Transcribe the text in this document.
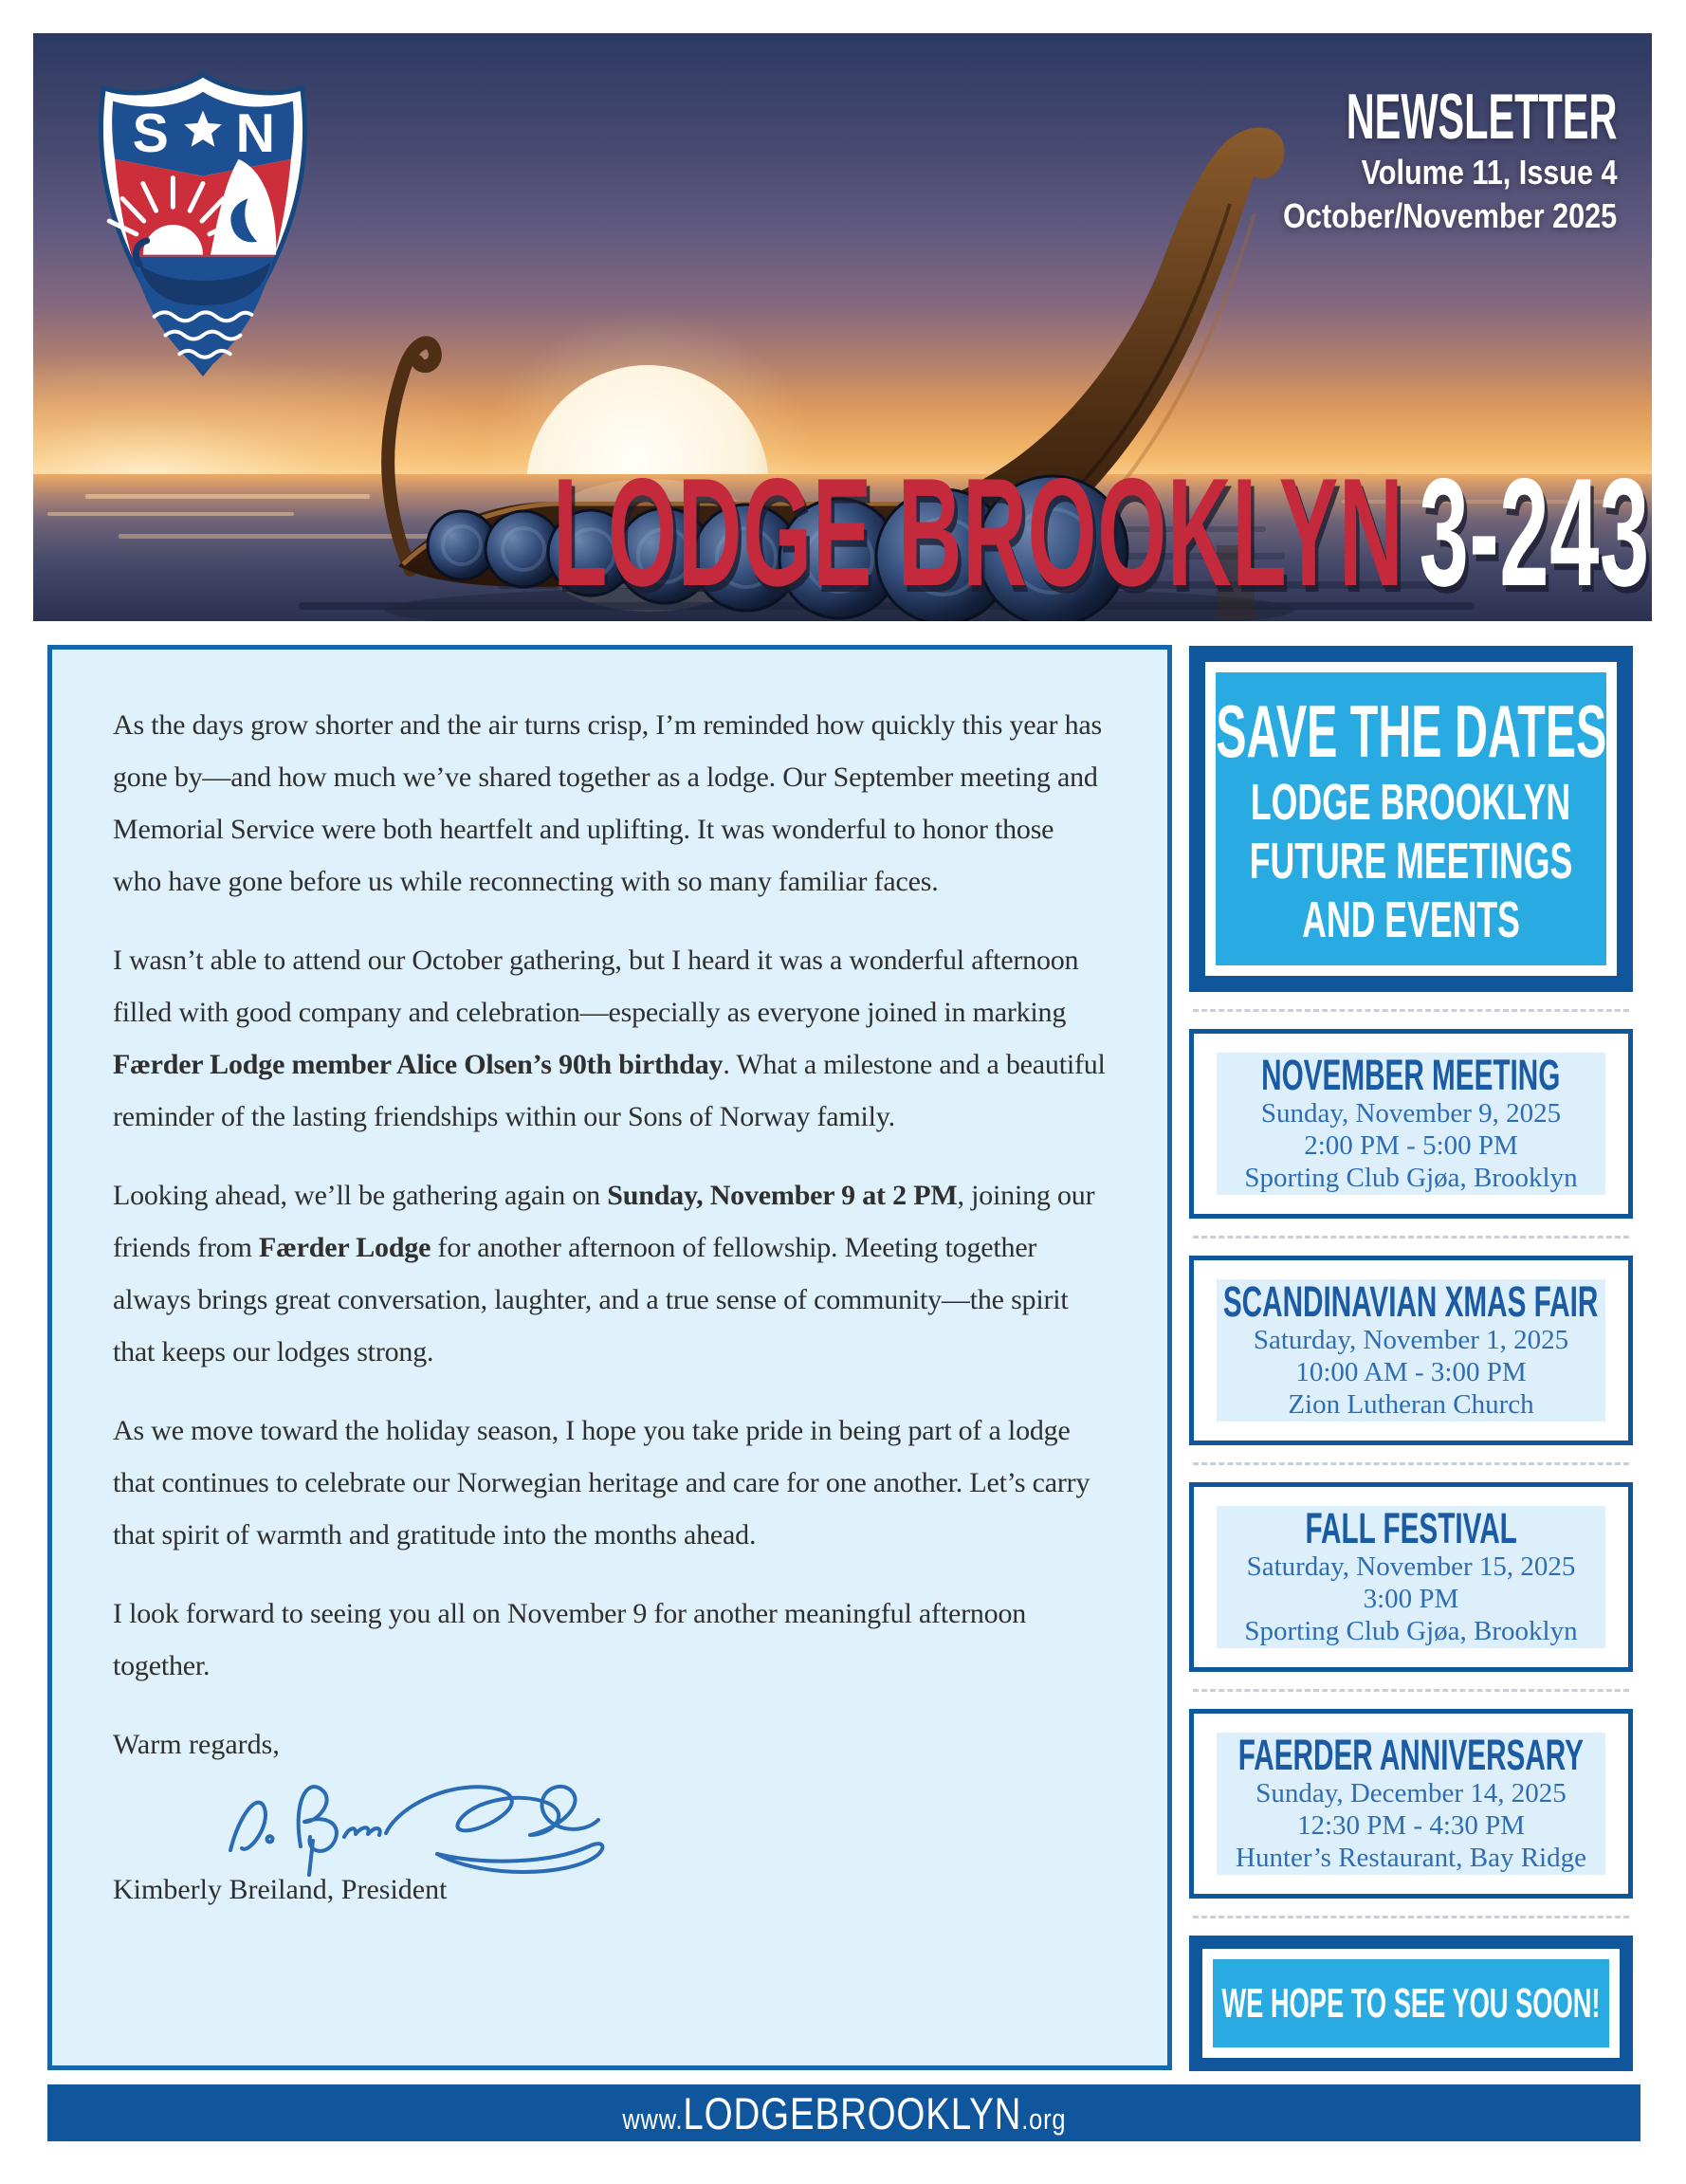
S N	NEWSLETTER
Volume 11, Issue 4
October/November 2025
LODGE BROOKLYN 3-243

As the days grow shorter and the air turns crisp, I’m reminded how quickly this year has gone by—and how much we’ve shared together as a lodge. Our September meeting and Memorial Service were both heartfelt and uplifting. It was wonderful to honor those who have gone before us while reconnecting with so many familiar faces.

I wasn’t able to attend our October gathering, but I heard it was a wonderful afternoon filled with good company and celebration—especially as everyone joined in marking Færder Lodge member Alice Olsen’s 90th birthday. What a milestone and a beautiful reminder of the lasting friendships within our Sons of Norway family.

Looking ahead, we’ll be gathering again on Sunday, November 9 at 2 PM, joining our friends from Færder Lodge for another afternoon of fellowship. Meeting together always brings great conversation, laughter, and a true sense of community—the spirit that keeps our lodges strong.

As we move toward the holiday season, I hope you take pride in being part of a lodge that continues to celebrate our Norwegian heritage and care for one another. Let’s carry that spirit of warmth and gratitude into the months ahead.

I look forward to seeing you all on November 9 for another meaningful afternoon together.

Warm regards,

Kimberly Breiland, President

SAVE THE DATES
LODGE BROOKLYN
FUTURE MEETINGS
AND EVENTS
NOVEMBER MEETING
Sunday, November 9, 2025
2:00 PM - 5:00 PM
Sporting Club Gjøa, Brooklyn
SCANDINAVIAN XMAS FAIR
Saturday, November 1, 2025
10:00 AM - 3:00 PM
Zion Lutheran Church
FALL FESTIVAL
Saturday, November 15, 2025
3:00 PM
Sporting Club Gjøa, Brooklyn
FAERDER ANNIVERSARY
Sunday, December 14, 2025
12:30 PM - 4:30 PM
Hunter’s Restaurant, Bay Ridge
WE HOPE TO SEE YOU SOON!
www. LODGEBROOKLYN .org
